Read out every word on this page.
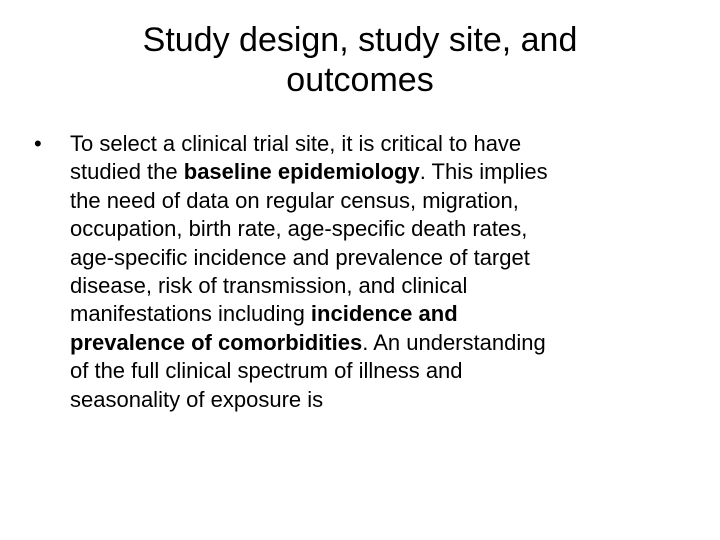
Study design, study site, and
outcomes
•	To select a clinical trial site, it is critical to have
studied the baseline epidemiology. This implies
the need of data on regular census, migration,
occupation, birth rate, age-specific death rates,
age-specific incidence and prevalence of target
disease, risk of transmission, and clinical
manifestations including incidence and
prevalence of comorbidities. An understanding
of the full clinical spectrum of illness and
seasonality of exposure is
